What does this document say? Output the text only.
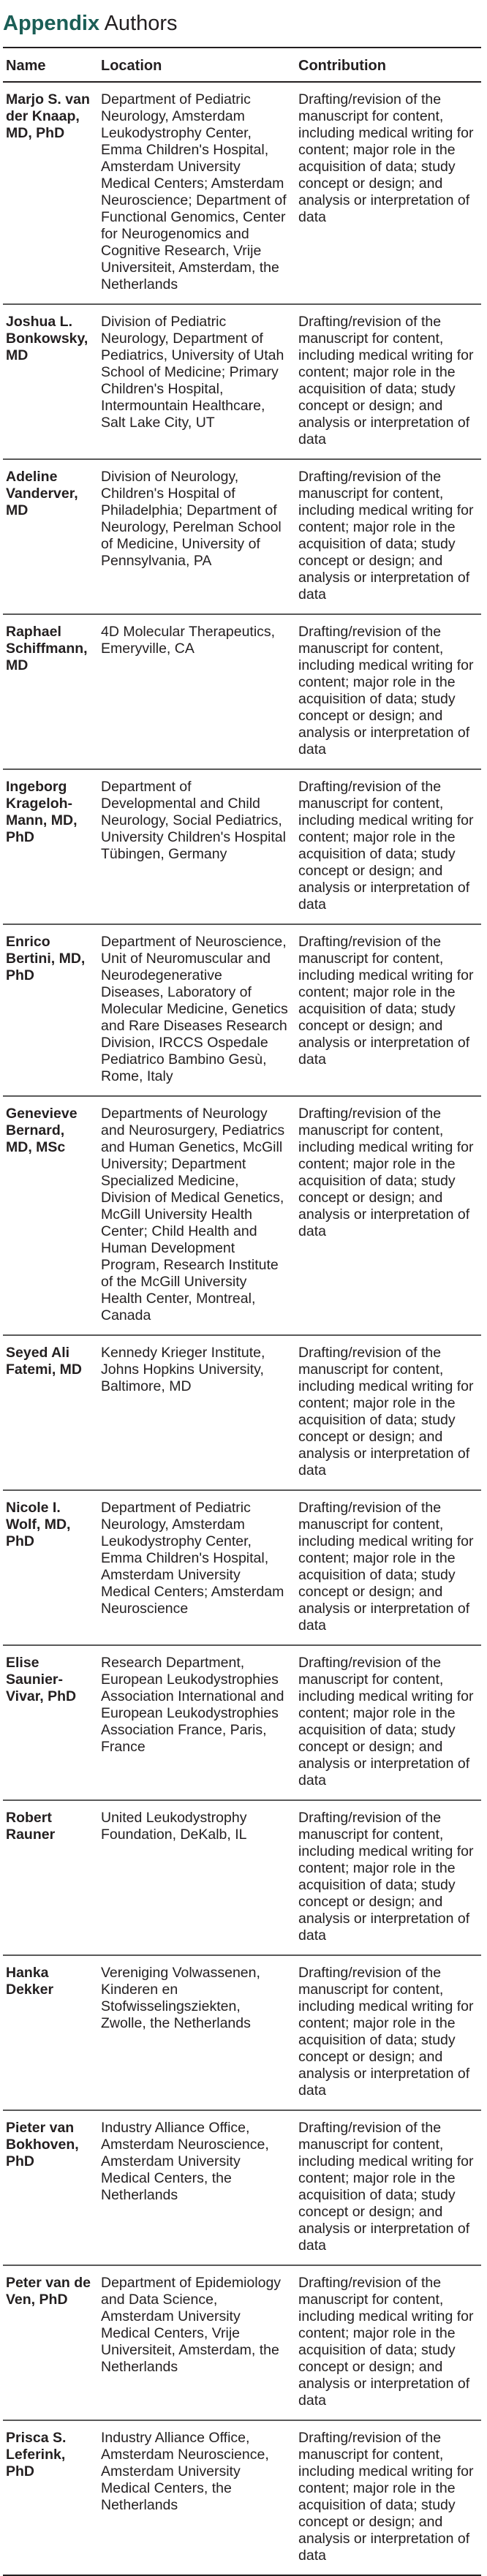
Appendix Authors
Name	Location	Contribution
Marjo S. van der Knaap, MD, PhD	Department of Pediatric Neurology, Amsterdam Leukodystrophy Center, Emma Children's Hospital, Amsterdam University Medical Centers; Amsterdam Neuroscience; Department of Functional Genomics, Center for Neurogenomics and Cognitive Research, Vrije Universiteit, Amsterdam, the Netherlands	Drafting/revision of the manuscript for content, including medical writing for content; major role in the acquisition of data; study concept or design; and analysis or interpretation of data
Joshua L. Bonkowsky, MD	Division of Pediatric Neurology, Department of Pediatrics, University of Utah School of Medicine; Primary Children's Hospital, Intermountain Healthcare, Salt Lake City, UT	Drafting/revision of the manuscript for content, including medical writing for content; major role in the acquisition of data; study concept or design; and analysis or interpretation of data
Adeline Vanderver, MD	Division of Neurology, Children's Hospital of Philadelphia; Department of Neurology, Perelman School of Medicine, University of Pennsylvania, PA	Drafting/revision of the manuscript for content, including medical writing for content; major role in the acquisition of data; study concept or design; and analysis or interpretation of data
Raphael Schiffmann, MD	4D Molecular Therapeutics, Emeryville, CA	Drafting/revision of the manuscript for content, including medical writing for content; major role in the acquisition of data; study concept or design; and analysis or interpretation of data
Ingeborg Krageloh-Mann, MD, PhD	Department of Developmental and Child Neurology, Social Pediatrics, University Children's Hospital Tübingen, Germany	Drafting/revision of the manuscript for content, including medical writing for content; major role in the acquisition of data; study concept or design; and analysis or interpretation of data
Enrico Bertini, MD, PhD	Department of Neuroscience, Unit of Neuromuscular and Neurodegenerative Diseases, Laboratory of Molecular Medicine, Genetics and Rare Diseases Research Division, IRCCS Ospedale Pediatrico Bambino Gesù, Rome, Italy	Drafting/revision of the manuscript for content, including medical writing for content; major role in the acquisition of data; study concept or design; and analysis or interpretation of data
Genevieve Bernard, MD, MSc	Departments of Neurology and Neurosurgery, Pediatrics and Human Genetics, McGill University; Department Specialized Medicine, Division of Medical Genetics, McGill University Health Center; Child Health and Human Development Program, Research Institute of the McGill University Health Center, Montreal, Canada	Drafting/revision of the manuscript for content, including medical writing for content; major role in the acquisition of data; study concept or design; and analysis or interpretation of data
Seyed Ali Fatemi, MD	Kennedy Krieger Institute, Johns Hopkins University, Baltimore, MD	Drafting/revision of the manuscript for content, including medical writing for content; major role in the acquisition of data; study concept or design; and analysis or interpretation of data
Nicole I. Wolf, MD, PhD	Department of Pediatric Neurology, Amsterdam Leukodystrophy Center, Emma Children's Hospital, Amsterdam University Medical Centers; Amsterdam Neuroscience	Drafting/revision of the manuscript for content, including medical writing for content; major role in the acquisition of data; study concept or design; and analysis or interpretation of data
Elise Saunier-Vivar, PhD	Research Department, European Leukodystrophies Association International and European Leukodystrophies Association France, Paris, France	Drafting/revision of the manuscript for content, including medical writing for content; major role in the acquisition of data; study concept or design; and analysis or interpretation of data
Robert Rauner	United Leukodystrophy Foundation, DeKalb, IL	Drafting/revision of the manuscript for content, including medical writing for content; major role in the acquisition of data; study concept or design; and analysis or interpretation of data
Hanka Dekker	Vereniging Volwassenen, Kinderen en Stofwisselingsziekten, Zwolle, the Netherlands	Drafting/revision of the manuscript for content, including medical writing for content; major role in the acquisition of data; study concept or design; and analysis or interpretation of data
Pieter van Bokhoven, PhD	Industry Alliance Office, Amsterdam Neuroscience, Amsterdam University Medical Centers, the Netherlands	Drafting/revision of the manuscript for content, including medical writing for content; major role in the acquisition of data; study concept or design; and analysis or interpretation of data
Peter van de Ven, PhD	Department of Epidemiology and Data Science, Amsterdam University Medical Centers, Vrije Universiteit, Amsterdam, the Netherlands	Drafting/revision of the manuscript for content, including medical writing for content; major role in the acquisition of data; study concept or design; and analysis or interpretation of data
Prisca S. Leferink, PhD	Industry Alliance Office, Amsterdam Neuroscience, Amsterdam University Medical Centers, the Netherlands	Drafting/revision of the manuscript for content, including medical writing for content; major role in the acquisition of data; study concept or design; and analysis or interpretation of data
